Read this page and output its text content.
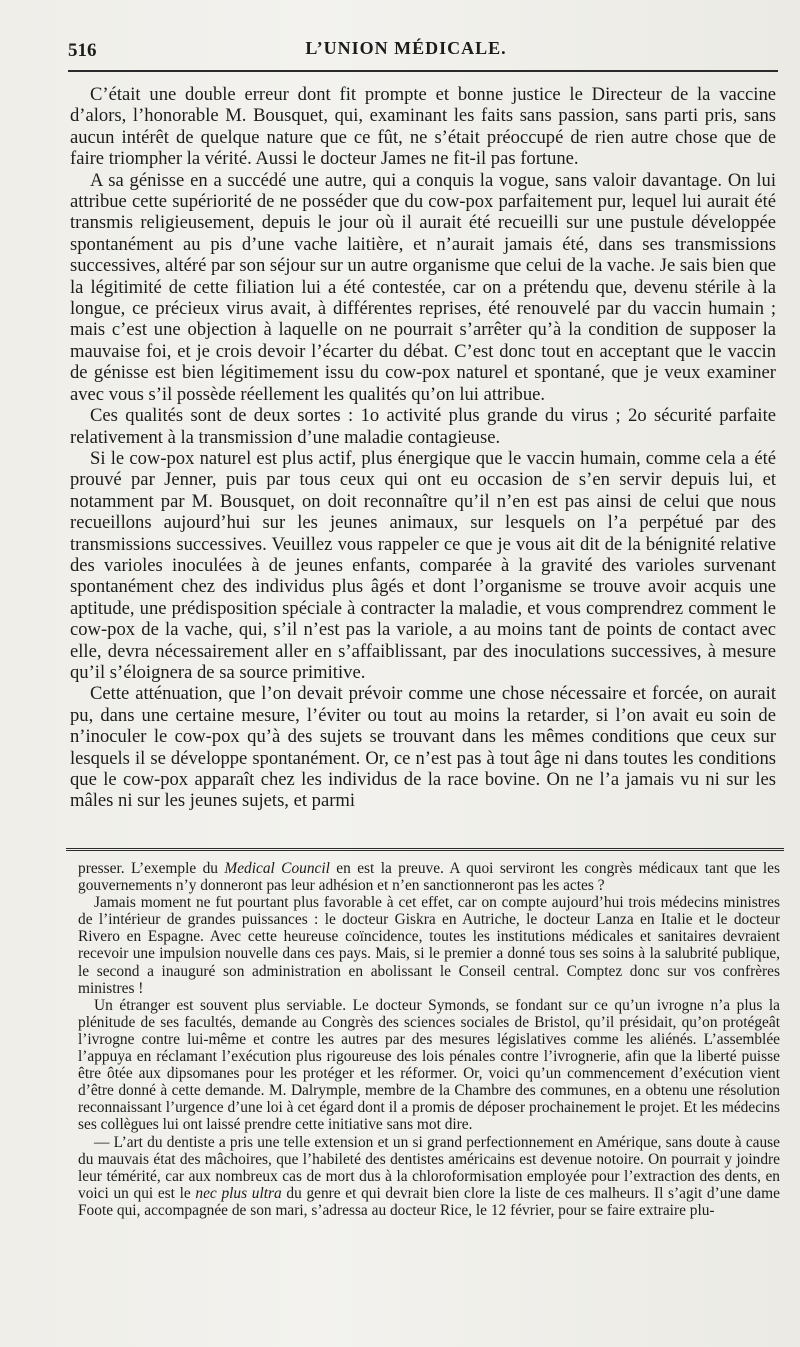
516	L’UNION MÉDICALE.

C’était une double erreur dont fit prompte et bonne justice le Directeur de la vaccine d’alors, l’honorable M. Bousquet, qui, examinant les faits sans passion, sans parti pris, sans aucun intérêt de quelque nature que ce fût, ne s’était préoccupé de rien autre chose que de faire triompher la vérité. Aussi le docteur James ne fit-il pas fortune.

A sa génisse en a succédé une autre, qui a conquis la vogue, sans valoir davantage. On lui attribue cette supériorité de ne posséder que du cow-pox parfaitement pur, lequel lui aurait été transmis religieusement, depuis le jour où il aurait été recueilli sur une pustule développée spontanément au pis d’une vache laitière, et n’aurait jamais été, dans ses transmissions successives, altéré par son séjour sur un autre organisme que celui de la vache. Je sais bien que la légitimité de cette filiation lui a été contestée, car on a prétendu que, devenu stérile à la longue, ce précieux virus avait, à différentes reprises, été renouvelé par du vaccin humain ; mais c’est une objection à laquelle on ne pourrait s’arrêter qu’à la condition de supposer la mauvaise foi, et je crois devoir l’écarter du débat. C’est donc tout en acceptant que le vaccin de génisse est bien légitimement issu du cow-pox naturel et spontané, que je veux examiner avec vous s’il possède réellement les qualités qu’on lui attribue.

Ces qualités sont de deux sortes : 1o activité plus grande du virus ; 2o sécurité parfaite relativement à la transmission d’une maladie contagieuse.

Si le cow-pox naturel est plus actif, plus énergique que le vaccin humain, comme cela a été prouvé par Jenner, puis par tous ceux qui ont eu occasion de s’en servir depuis lui, et notamment par M. Bousquet, on doit reconnaître qu’il n’en est pas ainsi de celui que nous recueillons aujourd’hui sur les jeunes animaux, sur lesquels on l’a perpétué par des transmissions successives. Veuillez vous rappeler ce que je vous ait dit de la bénignité relative des varioles inoculées à de jeunes enfants, comparée à la gravité des varioles survenant spontanément chez des individus plus âgés et dont l’organisme se trouve avoir acquis une aptitude, une prédisposition spéciale à contracter la maladie, et vous comprendrez comment le cow-pox de la vache, qui, s’il n’est pas la variole, a au moins tant de points de contact avec elle, devra nécessairement aller en s’affaiblissant, par des inoculations successives, à mesure qu’il s’éloignera de sa source primitive.

Cette atténuation, que l’on devait prévoir comme une chose nécessaire et forcée, on aurait pu, dans une certaine mesure, l’éviter ou tout au moins la retarder, si l’on avait eu soin de n’inoculer le cow-pox qu’à des sujets se trouvant dans les mêmes conditions que ceux sur lesquels il se développe spontanément. Or, ce n’est pas à tout âge ni dans toutes les conditions que le cow-pox apparaît chez les individus de la race bovine. On ne l’a jamais vu ni sur les mâles ni sur les jeunes sujets, et parmi

presser. L’exemple du Medical Council en est la preuve. A quoi serviront les congrès médicaux tant que les gouvernements n’y donneront pas leur adhésion et n’en sanctionneront pas les actes ?

Jamais moment ne fut pourtant plus favorable à cet effet, car on compte aujourd’hui trois médecins ministres de l’intérieur de grandes puissances : le docteur Giskra en Autriche, le docteur Lanza en Italie et le docteur Rivero en Espagne. Avec cette heureuse coïncidence, toutes les institutions médicales et sanitaires devraient recevoir une impulsion nouvelle dans ces pays. Mais, si le premier a donné tous ses soins à la salubrité publique, le second a inauguré son administration en abolissant le Conseil central. Comptez donc sur vos confrères ministres !

Un étranger est souvent plus serviable. Le docteur Symonds, se fondant sur ce qu’un ivrogne n’a plus la plénitude de ses facultés, demande au Congrès des sciences sociales de Bristol, qu’il présidait, qu’on protégeât l’ivrogne contre lui-même et contre les autres par des mesures législatives comme les aliénés. L’assemblée l’appuya en réclamant l’exécution plus rigoureuse des lois pénales contre l’ivrognerie, afin que la liberté puisse être ôtée aux dipsomanes pour les protéger et les réformer. Or, voici qu’un commencement d’exécution vient d’être donné à cette demande. M. Dalrymple, membre de la Chambre des communes, en a obtenu une résolution reconnaissant l’urgence d’une loi à cet égard dont il a promis de déposer prochainement le projet. Et les médecins ses collègues lui ont laissé prendre cette initiative sans mot dire.

— L’art du dentiste a pris une telle extension et un si grand perfectionnement en Amérique, sans doute à cause du mauvais état des mâchoires, que l’habileté des dentistes américains est devenue notoire. On pourrait y joindre leur témérité, car aux nombreux cas de mort dus à la chloroformisation employée pour l’extraction des dents, en voici un qui est le nec plus ultra du genre et qui devrait bien clore la liste de ces malheurs. Il s’agit d’une dame Foote qui, accompagnée de son mari, s’adressa au docteur Rice, le 12 février, pour se faire extraire plu-
